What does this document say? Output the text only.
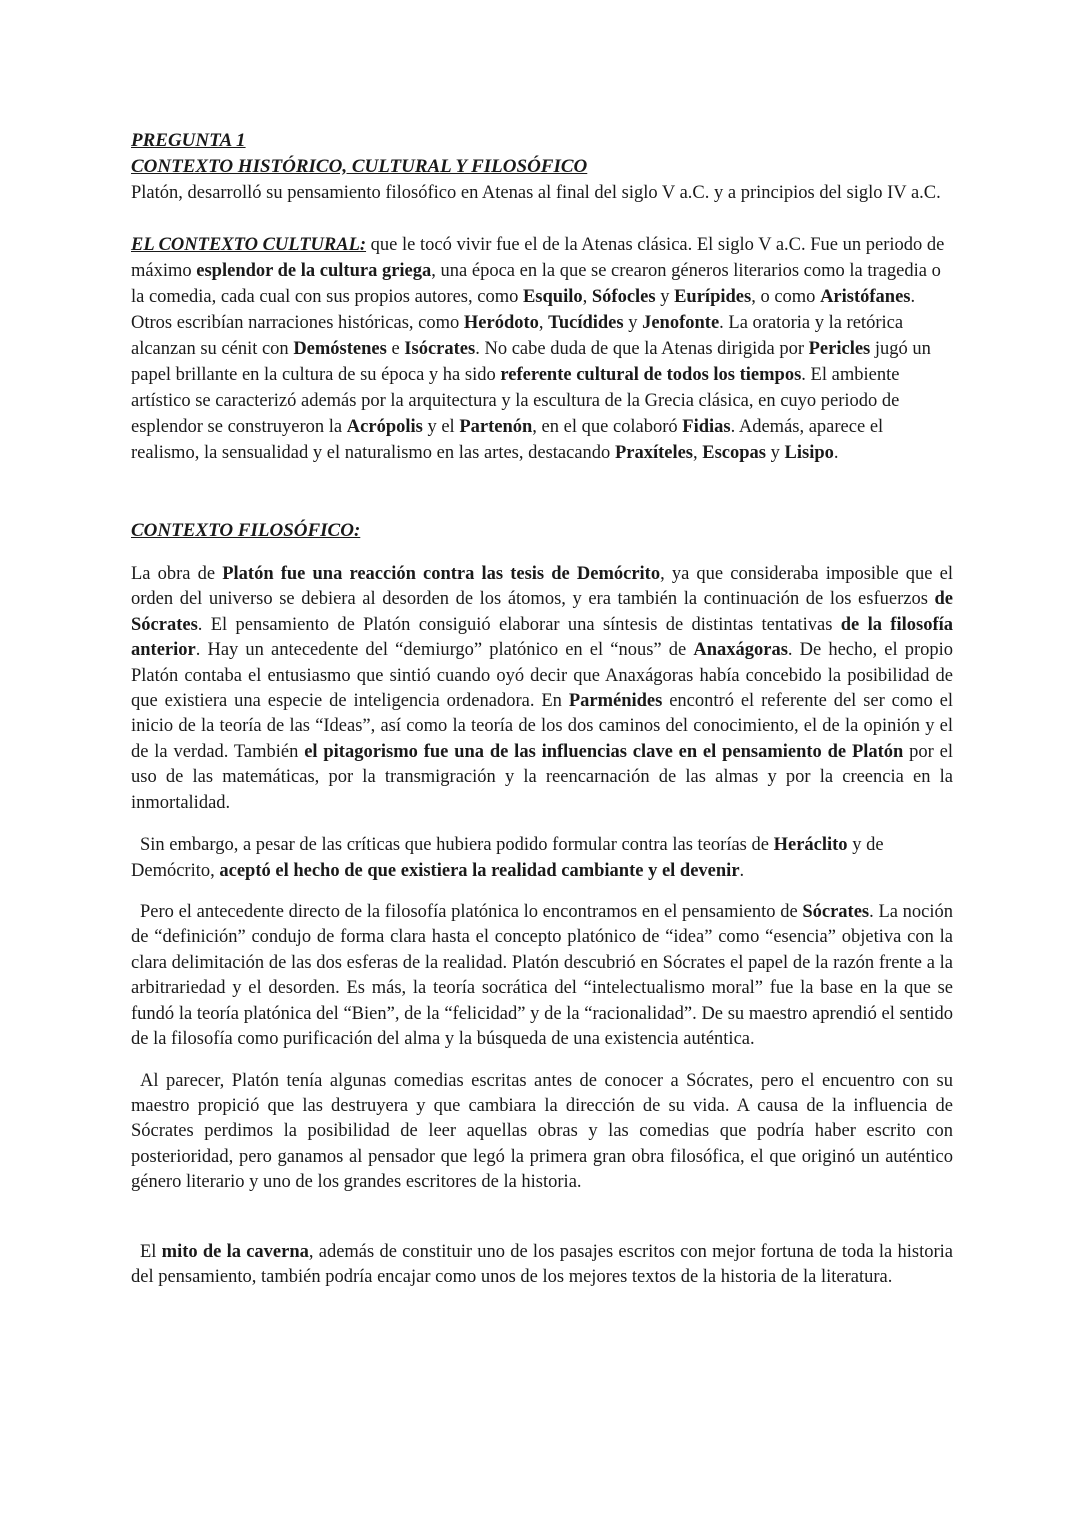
PREGUNTA 1

CONTEXTO HISTÓRICO, CULTURAL Y FILOSÓFICO

Platón, desarrolló su pensamiento filosófico en Atenas al final del siglo V a.C. y a principios del siglo IV a.C.

EL CONTEXTO CULTURAL: que le tocó vivir fue el de la Atenas clásica. El siglo V a.C. Fue un periodo de máximo esplendor de la cultura griega, una época en la que se crearon géneros literarios como la tragedia o la comedia, cada cual con sus propios autores, como Esquilo, Sófocles y Eurípides, o como Aristófanes. Otros escribían narraciones históricas, como Heródoto, Tucídides y Jenofonte. La oratoria y la retórica alcanzan su cénit con Demóstenes e Isócrates. No cabe duda de que la Atenas dirigida por Pericles jugó un papel brillante en la cultura de su época y ha sido referente cultural de todos los tiempos. El ambiente artístico se caracterizó además por la arquitectura y la escultura de la Grecia clásica, en cuyo periodo de esplendor se construyeron la Acrópolis y el Partenón, en el que colaboró Fidias. Además, aparece el realismo, la sensualidad y el naturalismo en las artes, destacando Praxíteles, Escopas y Lisipo.

CONTEXTO FILOSÓFICO:

La obra de Platón fue una reacción contra las tesis de Demócrito, ya que consideraba imposible que el orden del universo se debiera al desorden de los átomos, y era también la continuación de los esfuerzos de Sócrates. El pensamiento de Platón consiguió elaborar una síntesis de distintas tentativas de la filosofía anterior. Hay un antecedente del “demiurgo” platónico en el “nous” de Anaxágoras. De hecho, el propio Platón contaba el entusiasmo que sintió cuando oyó decir que Anaxágoras había concebido la posibilidad de que existiera una especie de inteligencia ordenadora. En Parménides encontró el referente del ser como el inicio de la teoría de las “Ideas”, así como la teoría de los dos caminos del conocimiento, el de la opinión y el de la verdad. También el pitagorismo fue una de las influencias clave en el pensamiento de Platón por el uso de las matemáticas, por la transmigración y la reencarnación de las almas y por la creencia en la inmortalidad.

Sin embargo, a pesar de las críticas que hubiera podido formular contra las teorías de Heráclito y de Demócrito, aceptó el hecho de que existiera la realidad cambiante y el devenir.

Pero el antecedente directo de la filosofía platónica lo encontramos en el pensamiento de Sócrates. La noción de “definición” condujo de forma clara hasta el concepto platónico de “idea” como “esencia” objetiva con la clara delimitación de las dos esferas de la realidad. Platón descubrió en Sócrates el papel de la razón frente a la arbitrariedad y el desorden. Es más, la teoría socrática del “intelectualismo moral” fue la base en la que se fundó la teoría platónica del “Bien”, de la “felicidad” y de la “racionalidad”. De su maestro aprendió el sentido de la filosofía como purificación del alma y la búsqueda de una existencia auténtica.

Al parecer, Platón tenía algunas comedias escritas antes de conocer a Sócrates, pero el encuentro con su maestro propició que las destruyera y que cambiara la dirección de su vida. A causa de la influencia de Sócrates perdimos la posibilidad de leer aquellas obras y las comedias que podría haber escrito con posterioridad, pero ganamos al pensador que legó la primera gran obra filosófica, el que originó un auténtico género literario y uno de los grandes escritores de la historia.

El mito de la caverna, además de constituir uno de los pasajes escritos con mejor fortuna de toda la historia del pensamiento, también podría encajar como unos de los mejores textos de la historia de la literatura.
